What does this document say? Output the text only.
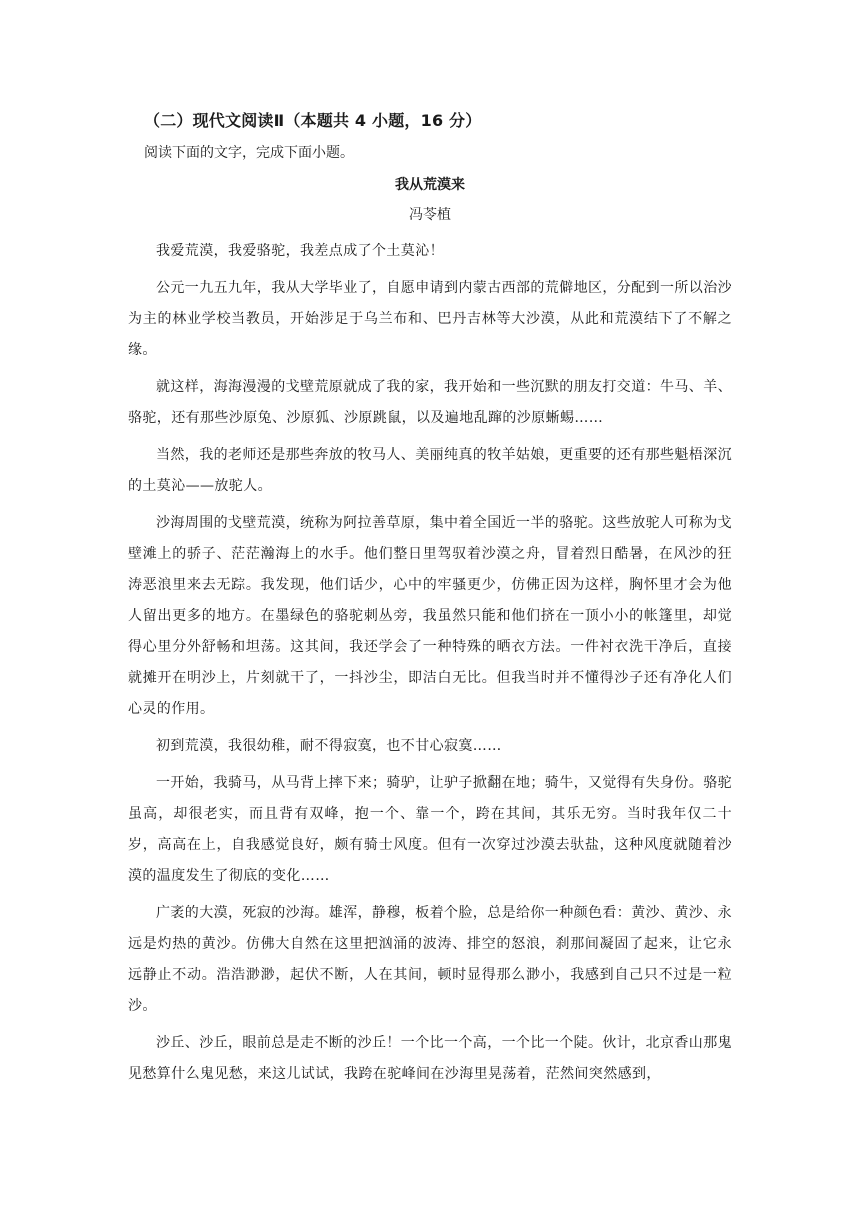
（二）现代文阅读Ⅱ（本题共 4 小题，16 分）

阅读下面的文字，完成下面小题。

我从荒漠来

冯苓植

我爱荒漠，我爱骆驼，我差点成了个土莫沁！

公元一九五九年，我从大学毕业了，自愿申请到内蒙古西部的荒僻地区，分配到一所以治沙为主的林业学校当教员，开始涉足于乌兰布和、巴丹吉林等大沙漠，从此和荒漠结下了不解之缘。

就这样，海海漫漫的戈壁荒原就成了我的家，我开始和一些沉默的朋友打交道：牛马、羊、骆驼，还有那些沙原兔、沙原狐、沙原跳鼠，以及遍地乱蹿的沙原蜥蜴……

当然，我的老师还是那些奔放的牧马人、美丽纯真的牧羊姑娘，更重要的还有那些魁梧深沉的土莫沁——放驼人。

沙海周围的戈壁荒漠，统称为阿拉善草原，集中着全国近一半的骆驼。这些放驼人可称为戈壁滩上的骄子、茫茫瀚海上的水手。他们整日里驾驭着沙漠之舟，冒着烈日酷暑，在风沙的狂涛恶浪里来去无踪。我发现，他们话少，心中的牢骚更少，仿佛正因为这样，胸怀里才会为他人留出更多的地方。在墨绿色的骆驼刺丛旁，我虽然只能和他们挤在一顶小小的帐篷里，却觉得心里分外舒畅和坦荡。这其间，我还学会了一种特殊的晒衣方法。一件衬衣洗干净后，直接就摊开在明沙上，片刻就干了，一抖沙尘，即洁白无比。但我当时并不懂得沙子还有净化人们心灵的作用。

初到荒漠，我很幼稚，耐不得寂寞，也不甘心寂寞……

一开始，我骑马，从马背上摔下来；骑驴，让驴子掀翻在地；骑牛，又觉得有失身份。骆驼虽高，却很老实，而且背有双峰，抱一个、靠一个，跨在其间，其乐无穷。当时我年仅二十岁，高高在上，自我感觉良好，颇有骑士风度。但有一次穿过沙漠去驮盐，这种风度就随着沙漠的温度发生了彻底的变化……

广袤的大漠，死寂的沙海。雄浑，静穆，板着个脸，总是给你一种颜色看：黄沙、黄沙、永远是灼热的黄沙。仿佛大自然在这里把汹涌的波涛、排空的怒浪，刹那间凝固了起来，让它永远静止不动。浩浩渺渺，起伏不断，人在其间，顿时显得那么渺小，我感到自己只不过是一粒沙。

沙丘、沙丘，眼前总是走不断的沙丘！一个比一个高，一个比一个陡。伙计，北京香山那鬼见愁算什么鬼见愁，来这儿试试，我跨在驼峰间在沙海里晃荡着，茫然间突然感到，
